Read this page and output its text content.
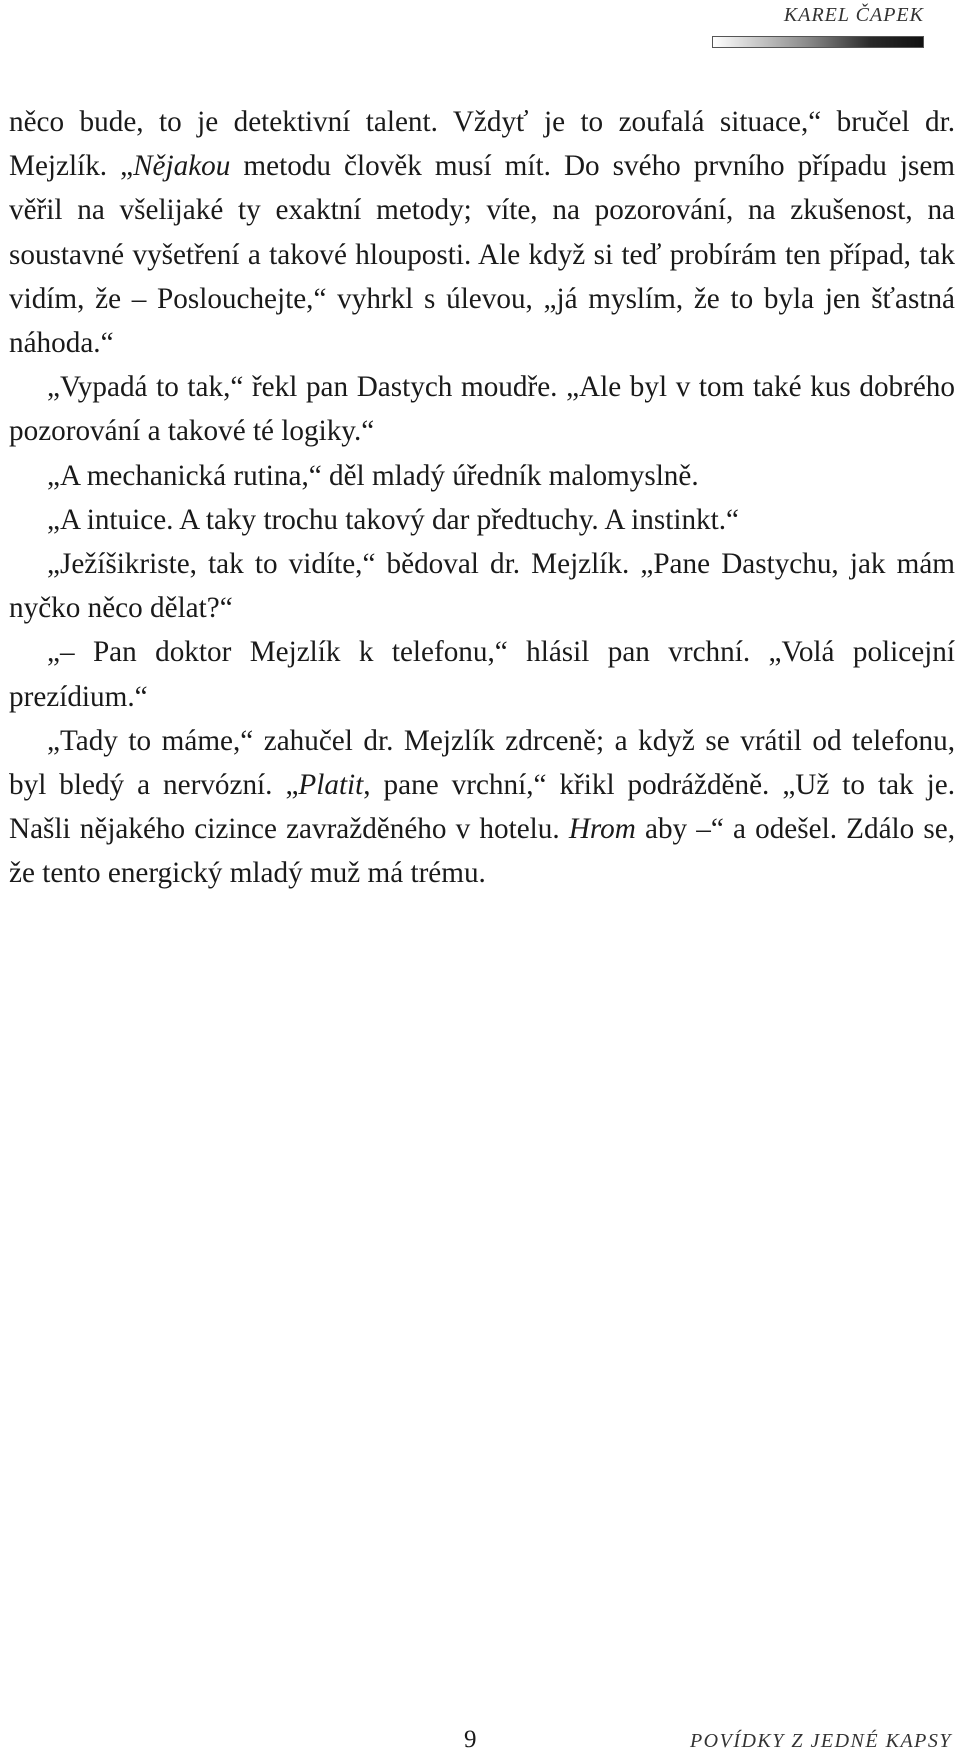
KAREL ČAPEK

něco bude, to je detektivní talent. Vždyť je to zoufalá situace,“ bručel dr. Mejzlík. „Nějakou metodu člověk musí mít. Do svého prvního případu jsem věřil na všelijaké ty exaktní metody; víte, na pozorování, na zkušenost, na soustavné vyšetření a takové hlouposti. Ale když si teď probírám ten případ, tak vidím, že – Poslouchejte,“ vyhrkl s úlevou, „já myslím, že to byla jen šťastná náhoda.“

„Vypadá to tak,“ řekl pan Dastych moudře. „Ale byl v tom také kus dobrého pozorování a takové té logiky.“

„A mechanická rutina,“ děl mladý úředník malomyslně.

„A intuice. A taky trochu takový dar předtuchy. A instinkt.“

„Ježíšikriste, tak to vidíte,“ bědoval dr. Mejzlík. „Pane Dastychu, jak mám nyčko něco dělat?“

„– Pan doktor Mejzlík k telefonu,“ hlásil pan vrchní. „Volá policejní prezídium.“

„Tady to máme,“ zahučel dr. Mejzlík zdrceně; a když se vrátil od telefonu, byl bledý a nervózní. „Platit, pane vrchní,“ křikl podrážděně. „Už to tak je. Našli nějakého cizince zavražděného v hotelu. Hrom aby –“ a odešel. Zdálo se, že tento energický mladý muž má trému.

9	POVÍDKY Z JEDNÉ KAPSY
